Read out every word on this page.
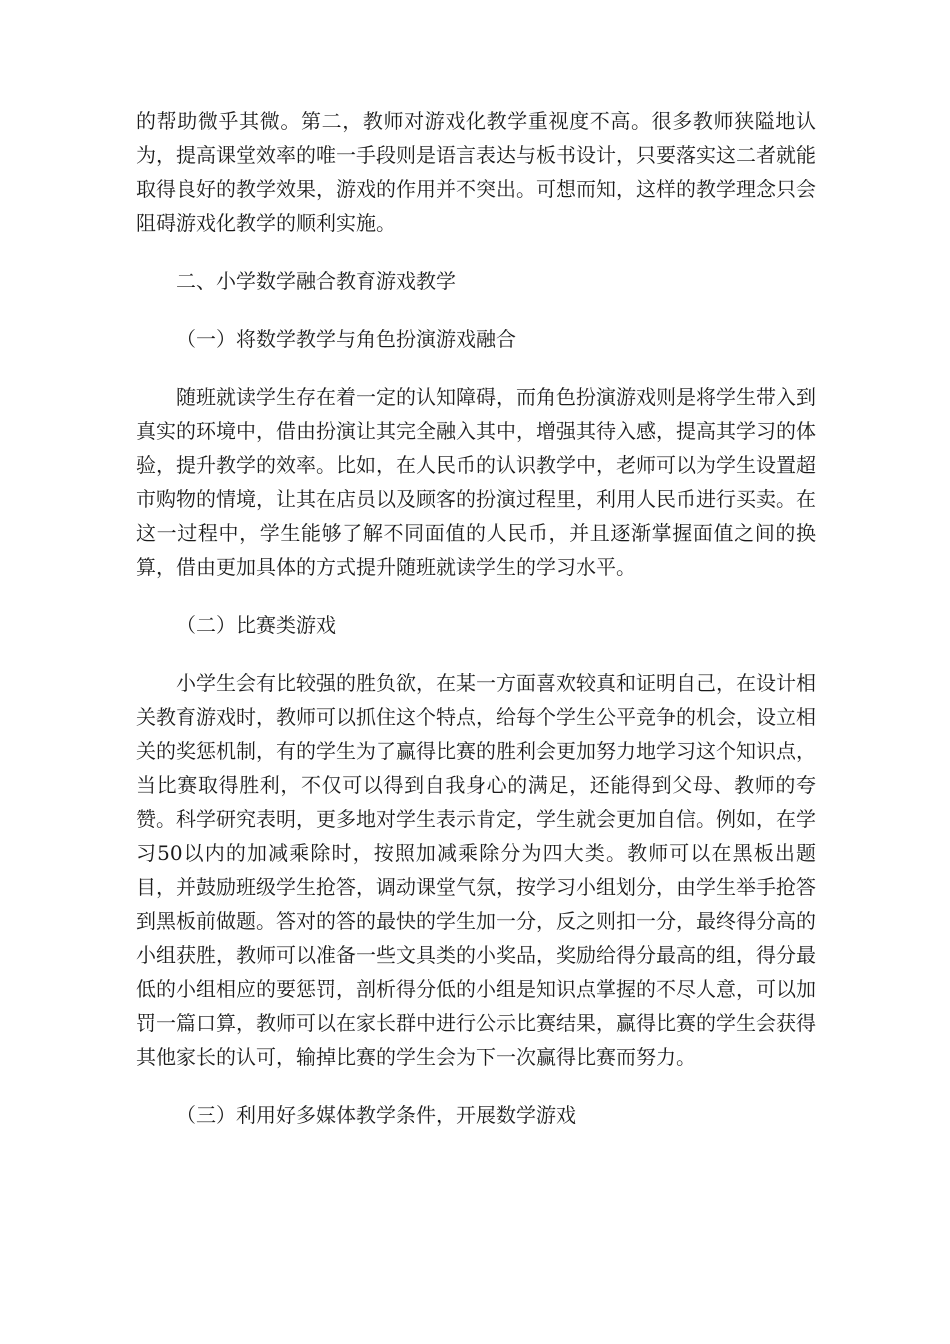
的帮助微乎其微。第二，教师对游戏化教学重视度不高。很多教师狭隘地认为，提高课堂效率的唯一手段则是语言表达与板书设计，只要落实这二者就能取得良好的教学效果，游戏的作用并不突出。可想而知，这样的教学理念只会阻碍游戏化教学的顺利实施。

二、小学数学融合教育游戏教学

（一）将数学教学与角色扮演游戏融合

随班就读学生存在着一定的认知障碍，而角色扮演游戏则是将学生带入到真实的环境中，借由扮演让其完全融入其中，增强其待入感，提高其学习的体验，提升教学的效率。比如，在人民币的认识教学中，老师可以为学生设置超市购物的情境，让其在店员以及顾客的扮演过程里，利用人民币进行买卖。在这一过程中，学生能够了解不同面值的人民币，并且逐渐掌握面值之间的换算，借由更加具体的方式提升随班就读学生的学习水平。

（二）比赛类游戏

小学生会有比较强的胜负欲，在某一方面喜欢较真和证明自己，在设计相关教育游戏时，教师可以抓住这个特点，给每个学生公平竞争的机会，设立相关的奖惩机制，有的学生为了赢得比赛的胜利会更加努力地学习这个知识点，当比赛取得胜利，不仅可以得到自我身心的满足，还能得到父母、教师的夸赞。科学研究表明，更多地对学生表示肯定，学生就会更加自信。例如，在学习50以内的加减乘除时，按照加减乘除分为四大类。教师可以在黑板出题目，并鼓励班级学生抢答，调动课堂气氛，按学习小组划分，由学生举手抢答到黑板前做题。答对的答的最快的学生加一分，反之则扣一分，最终得分高的小组获胜，教师可以准备一些文具类的小奖品，奖励给得分最高的组，得分最低的小组相应的要惩罚，剖析得分低的小组是知识点掌握的不尽人意，可以加罚一篇口算，教师可以在家长群中进行公示比赛结果，赢得比赛的学生会获得其他家长的认可，输掉比赛的学生会为下一次赢得比赛而努力。

（三）利用好多媒体教学条件，开展数学游戏
